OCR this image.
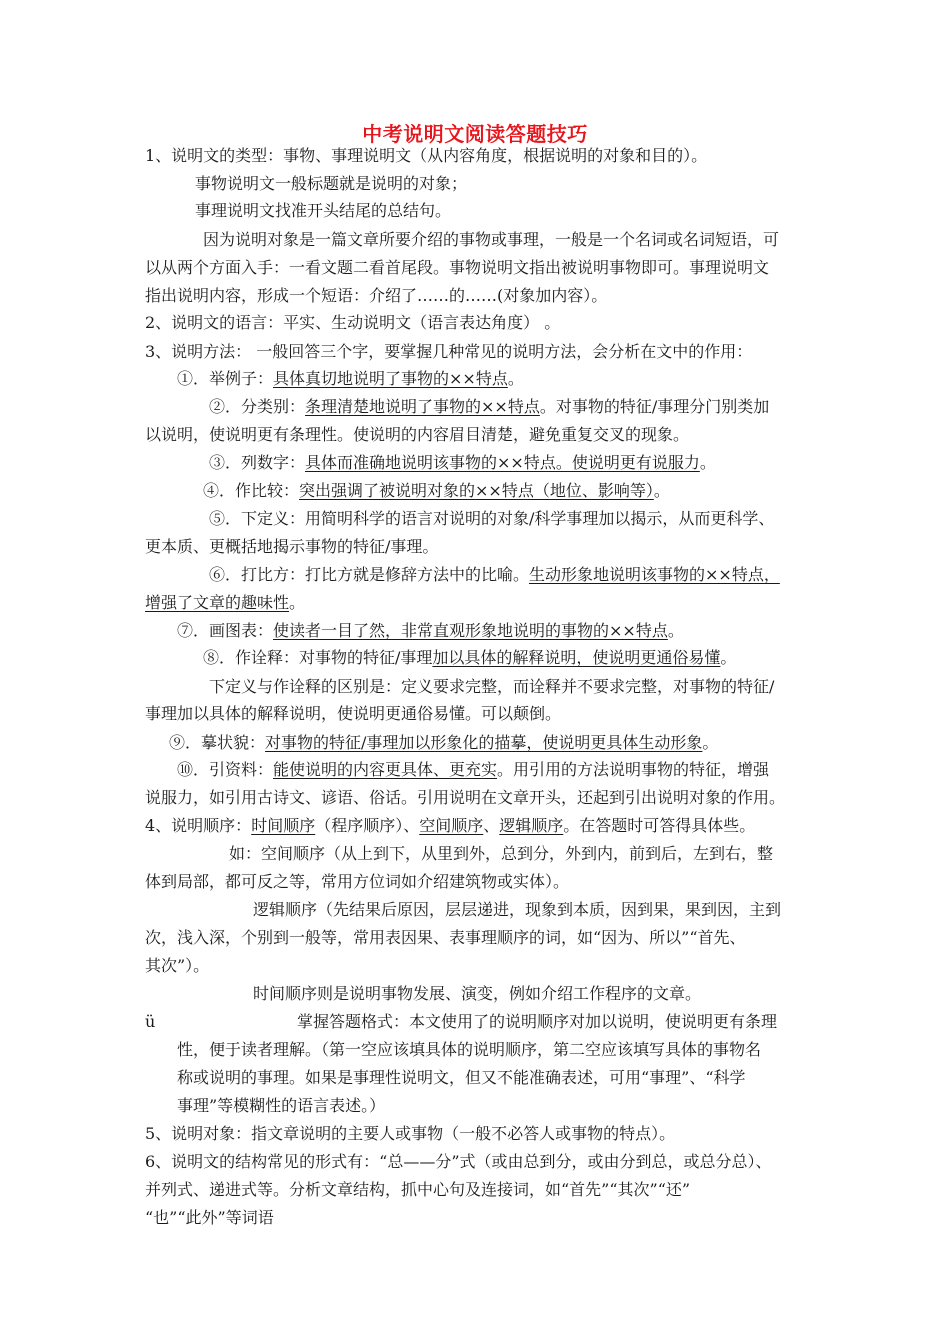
中考说明文阅读答题技巧
1、说明文的类型：事物、事理说明文（从内容角度，根据说明的对象和目的）。
事物说明文一般标题就是说明的对象；
事理说明文找准开头结尾的总结句。
因为说明对象是一篇文章所要介绍的事物或事理，一般是一个名词或名词短语，可
以从两个方面入手：一看文题二看首尾段。事物说明文指出被说明事物即可。事理说明文
指出说明内容，形成一个短语：介绍了……的……(对象加内容）。
2、说明文的语言：平实、生动说明文（语言表达角度） 。
3、说明方法： 一般回答三个字，要掌握几种常见的说明方法，会分析在文中的作用：
①．举例子：具体真切地说明了事物的××特点。
②．分类别：条理清楚地说明了事物的××特点。对事物的特征/事理分门别类加
以说明，使说明更有条理性。使说明的内容眉目清楚，避免重复交叉的现象。
③．列数字：具体而准确地说明该事物的××特点。使说明更有说服力。
④．作比较：突出强调了被说明对象的××特点（地位、影响等）。
⑤．下定义：用简明科学的语言对说明的对象/科学事理加以揭示，从而更科学、
更本质、更概括地揭示事物的特征/事理。
⑥．打比方：打比方就是修辞方法中的比喻。生动形象地说明该事物的××特点，
增强了文章的趣味性。
⑦．画图表：使读者一目了然，非常直观形象地说明的事物的××特点。
⑧．作诠释：对事物的特征/事理加以具体的解释说明，使说明更通俗易懂。
下定义与作诠释的区别是：定义要求完整，而诠释并不要求完整，对事物的特征/
事理加以具体的解释说明，使说明更通俗易懂。可以颠倒。
⑨．摹状貌：对事物的特征/事理加以形象化的描摹，使说明更具体生动形象。
⑩．引资料：能使说明的内容更具体、更充实。用引用的方法说明事物的特征，增强
说服力，如引用古诗文、谚语、俗话。引用说明在文章开头，还起到引出说明对象的作用。
4、说明顺序：时间顺序（程序顺序）、空间顺序、逻辑顺序。在答题时可答得具体些。
如：空间顺序（从上到下，从里到外，总到分，外到内，前到后，左到右，整
体到局部，都可反之等，常用方位词如介绍建筑物或实体）。
逻辑顺序（先结果后原因，层层递进，现象到本质，因到果，果到因，主到
次，浅入深，个别到一般等，常用表因果、表事理顺序的词，如“因为、所以”“首先、
其次”）。
时间顺序则是说明事物发展、演变，例如介绍工作程序的文章。
ü	掌握答题格式：本文使用了的说明顺序对加以说明，使说明更有条理
性，便于读者理解。（第一空应该填具体的说明顺序，第二空应该填写具体的事物名
称或说明的事理。如果是事理性说明文，但又不能准确表述，可用“事理”、“科学
事理”等模糊性的语言表述。）
5、说明对象：指文章说明的主要人或事物（一般不必答人或事物的特点）。
6、说明文的结构常见的形式有：“总——分”式（或由总到分，或由分到总，或总分总）、
并列式、递进式等。分析文章结构，抓中心句及连接词，如“首先”“其次”“还”
“也”“此外”等词语
